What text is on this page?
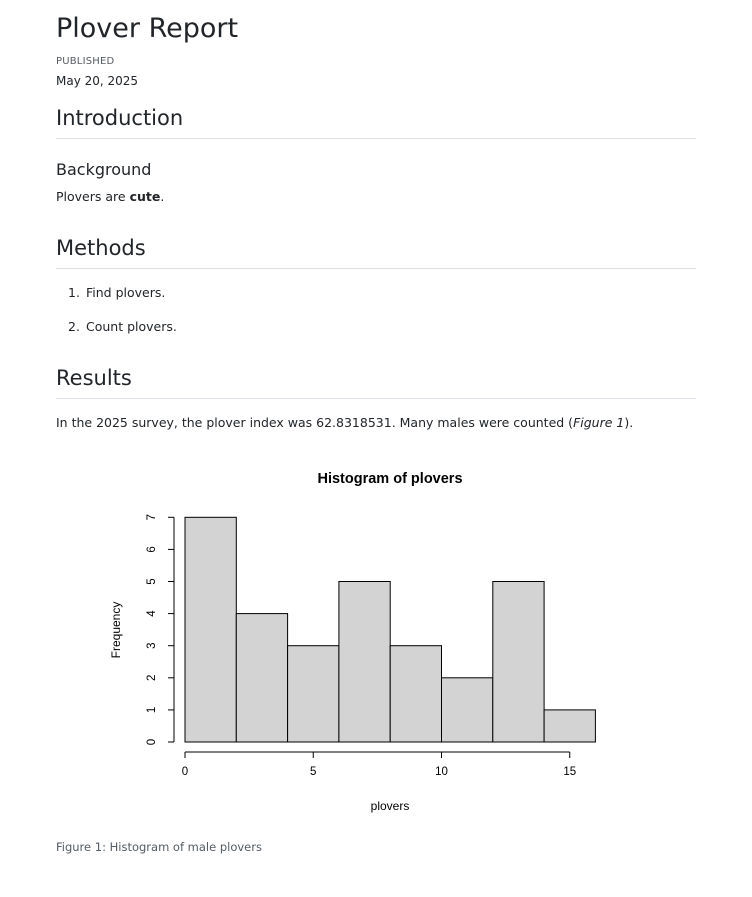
Plover Report
PUBLISHED
May 20, 2025
Introduction
Background

Plovers are cute.

Methods
1. Find plovers.
2. Count plovers.
Results

In the 2025 survey, the plover index was 62.8318531. Many males were counted (Figure 1).

Histogram of plovers
plovers
Frequency
0	5	10	15
0
1
2
3
4
5
6
7
Figure 1: Histogram of male plovers
